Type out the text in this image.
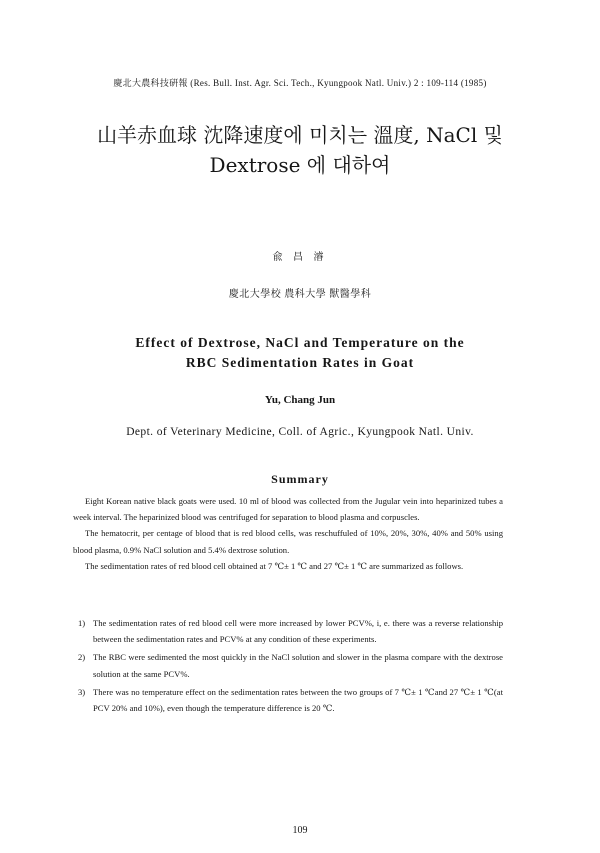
慶北大農科技硏報 (Res. Bull. Inst. Agr. Sci. Tech., Kyungpook Natl. Univ.) 2 : 109-114 (1985)
山羊赤血球 沈降速度에 미치는 溫度, NaCl 및
Dextrose 에 대하여
兪 昌 濬
慶北大學校 農科大學 獸醫學科
Effect of Dextrose, NaCl and Temperature on the
RBC Sedimentation Rates in Goat
Yu, Chang Jun
Dept. of Veterinary Medicine, Coll. of Agric., Kyungpook Natl. Univ.
Summary

Eight Korean native black goats were used. 10 ml of blood was collected from the Jugular vein into heparinized tubes a week interval. The heparinized blood was centrifuged for separation to blood plasma and corpuscles.

The hematocrit, per centage of blood that is red blood cells, was reschuffuled of 10%, 20%, 30%, 40% and 50% using blood plasma, 0.9% NaCl solution and 5.4% dextrose solution.

The sedimentation rates of red blood cell obtained at 7 ℃± 1 ℃ and 27 ℃± 1 ℃ are summarized as follows.

1) The sedimentation rates of red blood cell were more increased by lower PCV%, i, e. there was a reverse relationship between the sedimentation rates and PCV% at any condition of these experiments.
2) The RBC were sedimented the most quickly in the NaCl solution and slower in the plasma compare with the dextrose solution at the same PCV%.
3) There was no temperature effect on the sedimentation rates between the two groups of 7 ℃± 1 ℃and 27 ℃± 1 ℃(at PCV 20% and 10%), even though the temperature difference is 20 ℃.
109
